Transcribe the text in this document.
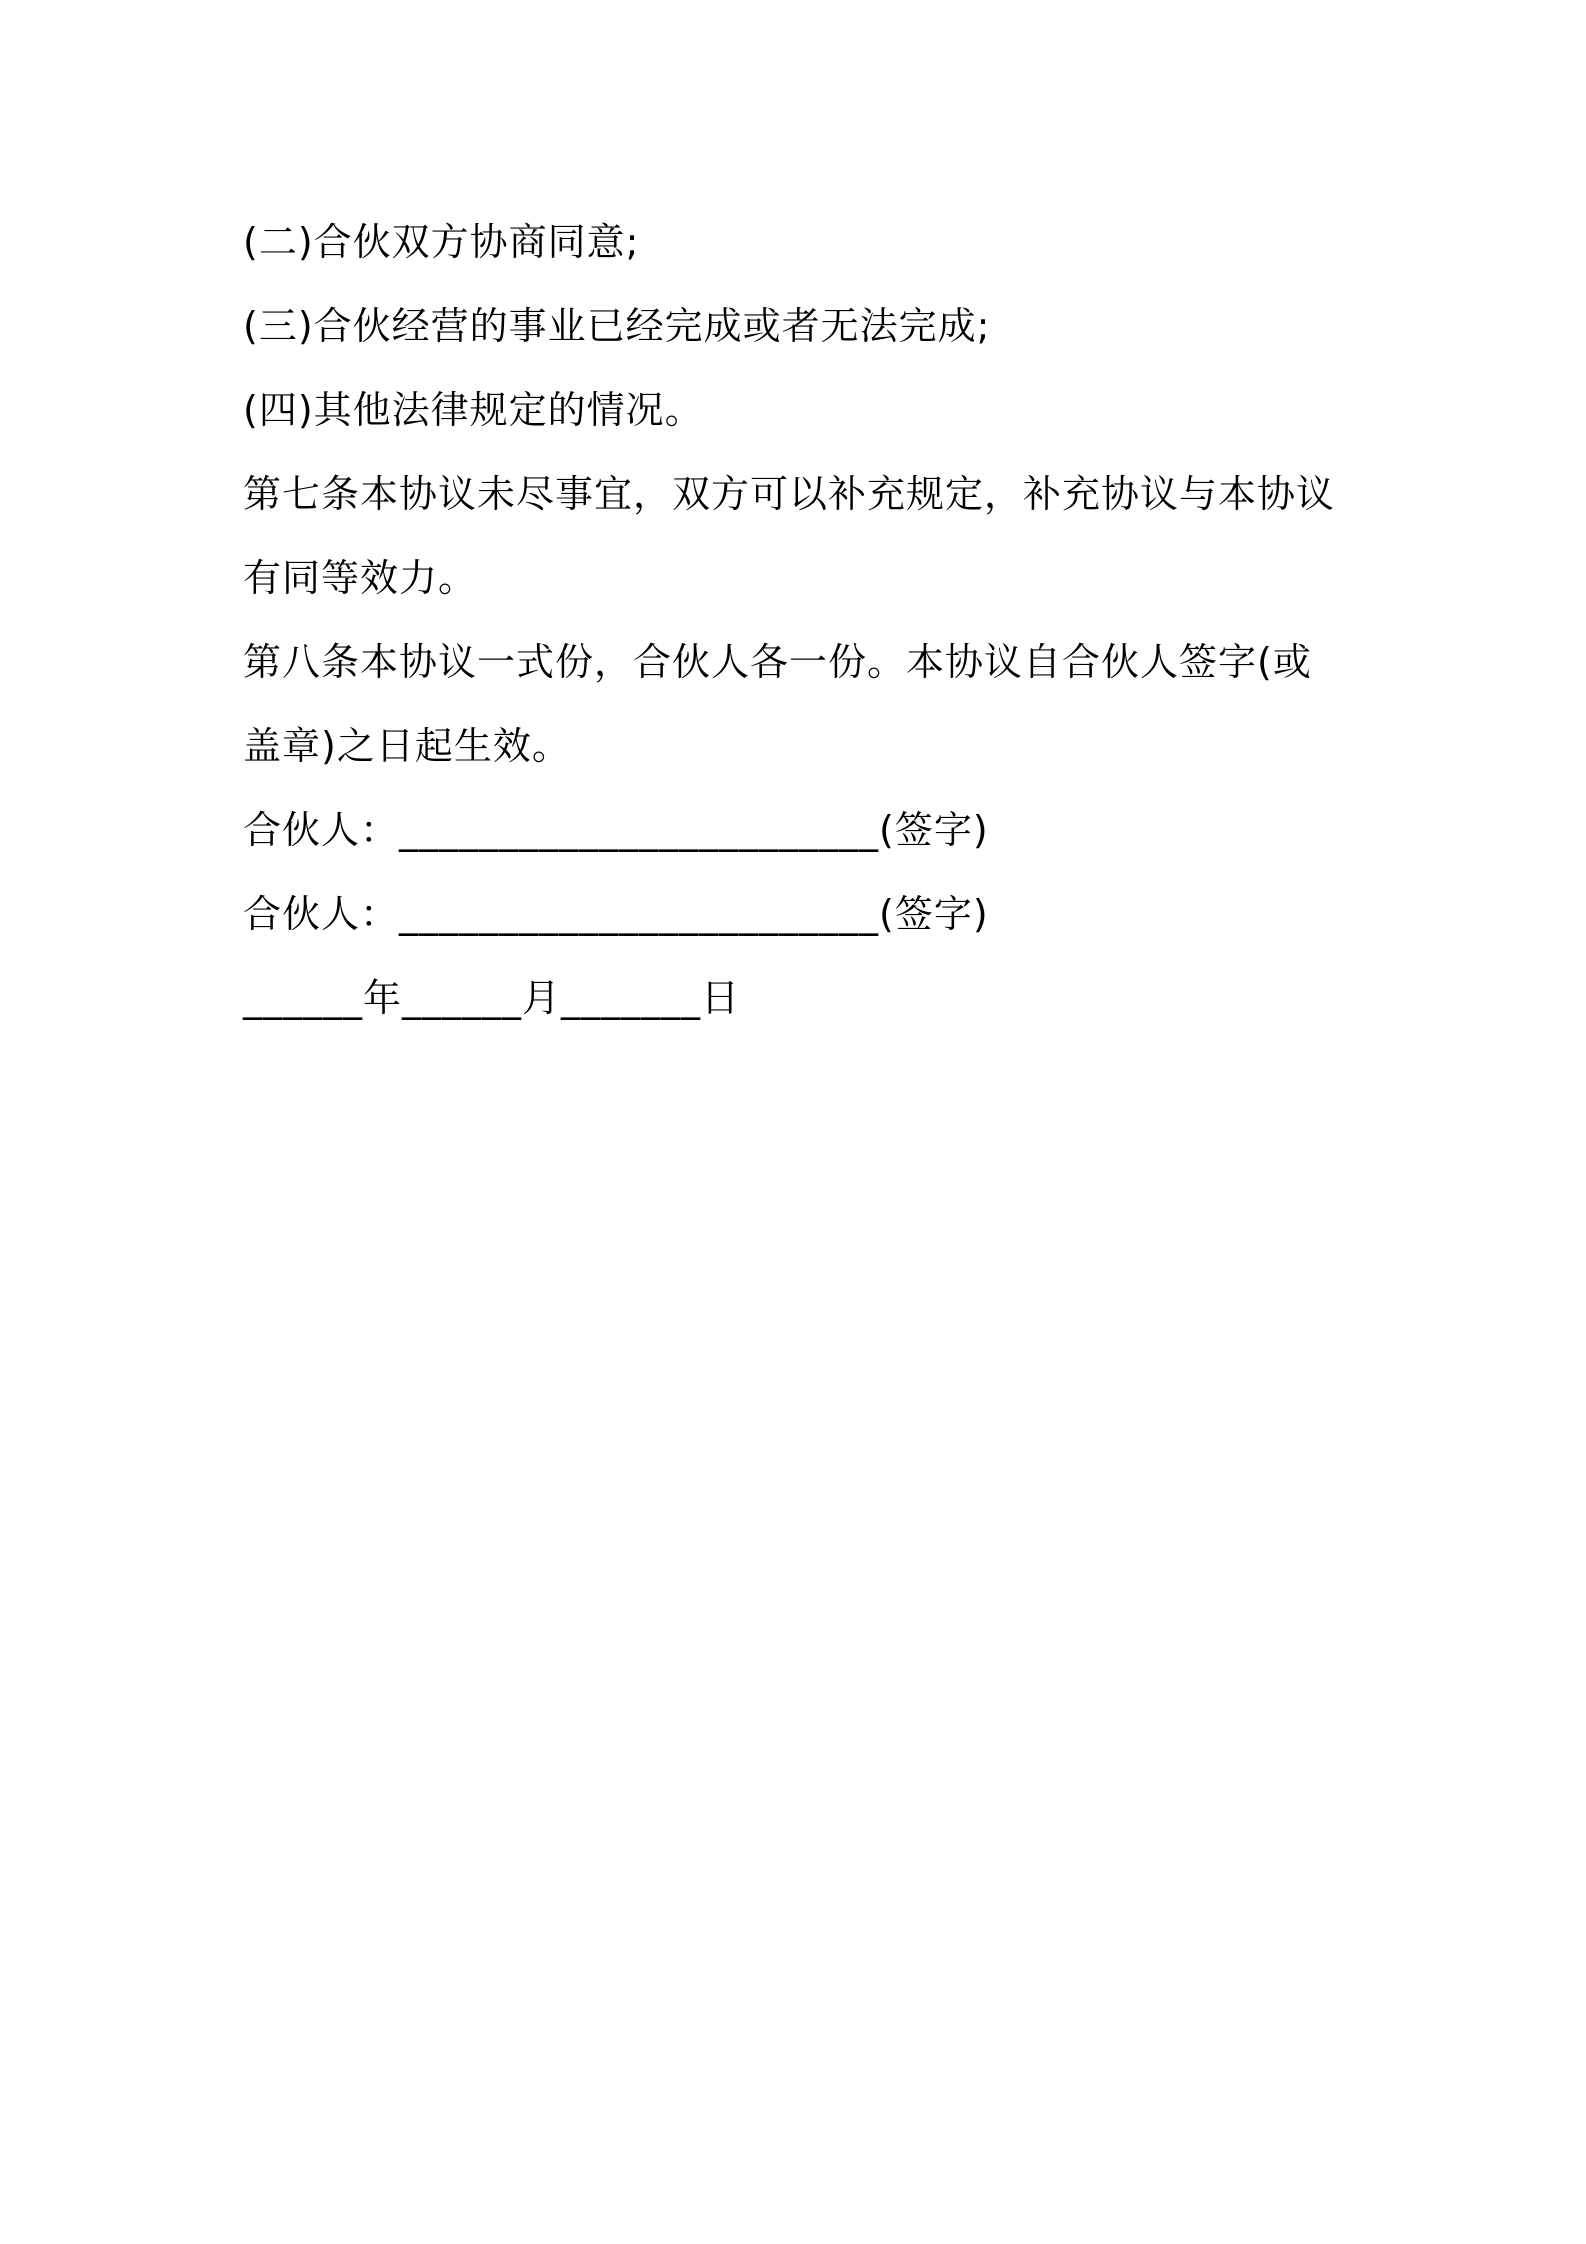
(二)合伙双方协商同意;
(三)合伙经营的事业已经完成或者无法完成;
(四)其他法律规定的情况。
第七条本协议未尽事宜，双方可以补充规定，补充协议与本协议
有同等效力。
第八条本协议一式份，合伙人各一份。本协议自合伙人签字(或
盖章)之日起生效。
合伙人：________________________(签字)
合伙人：________________________(签字)
______年______月_______日
